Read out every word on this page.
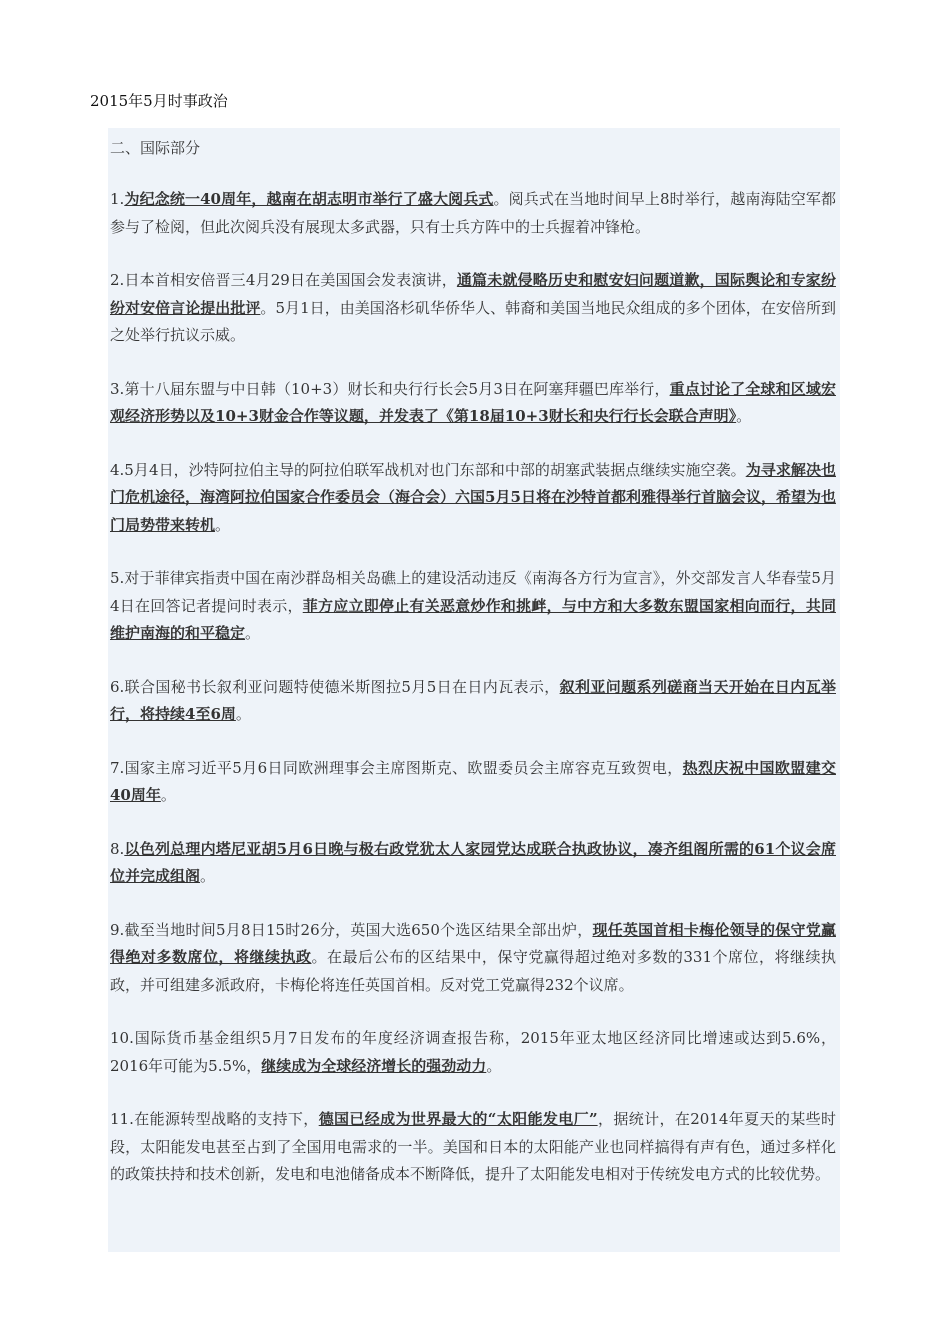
2015年5月时事政治
二、国际部分

1.为纪念统一40周年，越南在胡志明市举行了盛大阅兵式。阅兵式在当地时间早上8时举行，越南海陆空军都参与了检阅，但此次阅兵没有展现太多武器，只有士兵方阵中的士兵握着冲锋枪。

2.日本首相安倍晋三4月29日在美国国会发表演讲，通篇未就侵略历史和慰安妇问题道歉，国际舆论和专家纷纷对安倍言论提出批评。5月1日，由美国洛杉矶华侨华人、韩裔和美国当地民众组成的多个团体，在安倍所到之处举行抗议示威。

3.第十八届东盟与中日韩（10+3）财长和央行行长会5月3日在阿塞拜疆巴库举行，重点讨论了全球和区域宏观经济形势以及10+3财金合作等议题，并发表了《第18届10+3财长和央行行长会联合声明》。

4.5月4日，沙特阿拉伯主导的阿拉伯联军战机对也门东部和中部的胡塞武装据点继续实施空袭。为寻求解决也门危机途径，海湾阿拉伯国家合作委员会（海合会）六国5月5日将在沙特首都利雅得举行首脑会议，希望为也门局势带来转机。

5.对于菲律宾指责中国在南沙群岛相关岛礁上的建设活动违反《南海各方行为宣言》，外交部发言人华春莹5月4日在回答记者提问时表示，菲方应立即停止有关恶意炒作和挑衅，与中方和大多数东盟国家相向而行，共同维护南海的和平稳定。

6.联合国秘书长叙利亚问题特使德米斯图拉5月5日在日内瓦表示，叙利亚问题系列磋商当天开始在日内瓦举行，将持续4至6周。

7.国家主席习近平5月6日同欧洲理事会主席图斯克、欧盟委员会主席容克互致贺电，热烈庆祝中国欧盟建交40周年。

8.以色列总理内塔尼亚胡5月6日晚与极右政党犹太人家园党达成联合执政协议，凑齐组阁所需的61个议会席位并完成组阁。

9.截至当地时间5月8日15时26分，英国大选650个选区结果全部出炉，现任英国首相卡梅伦领导的保守党赢得绝对多数席位，将继续执政。在最后公布的区结果中，保守党赢得超过绝对多数的331个席位，将继续执政，并可组建多派政府，卡梅伦将连任英国首相。反对党工党赢得232个议席。

10.国际货币基金组织5月7日发布的年度经济调查报告称，2015年亚太地区经济同比增速或达到5.6%，2016年可能为5.5%，继续成为全球经济增长的强劲动力。

11.在能源转型战略的支持下，德国已经成为世界最大的“太阳能发电厂”，据统计，在2014年夏天的某些时段，太阳能发电甚至占到了全国用电需求的一半。美国和日本的太阳能产业也同样搞得有声有色，通过多样化的政策扶持和技术创新，发电和电池储备成本不断降低，提升了太阳能发电相对于传统发电方式的比较优势。
